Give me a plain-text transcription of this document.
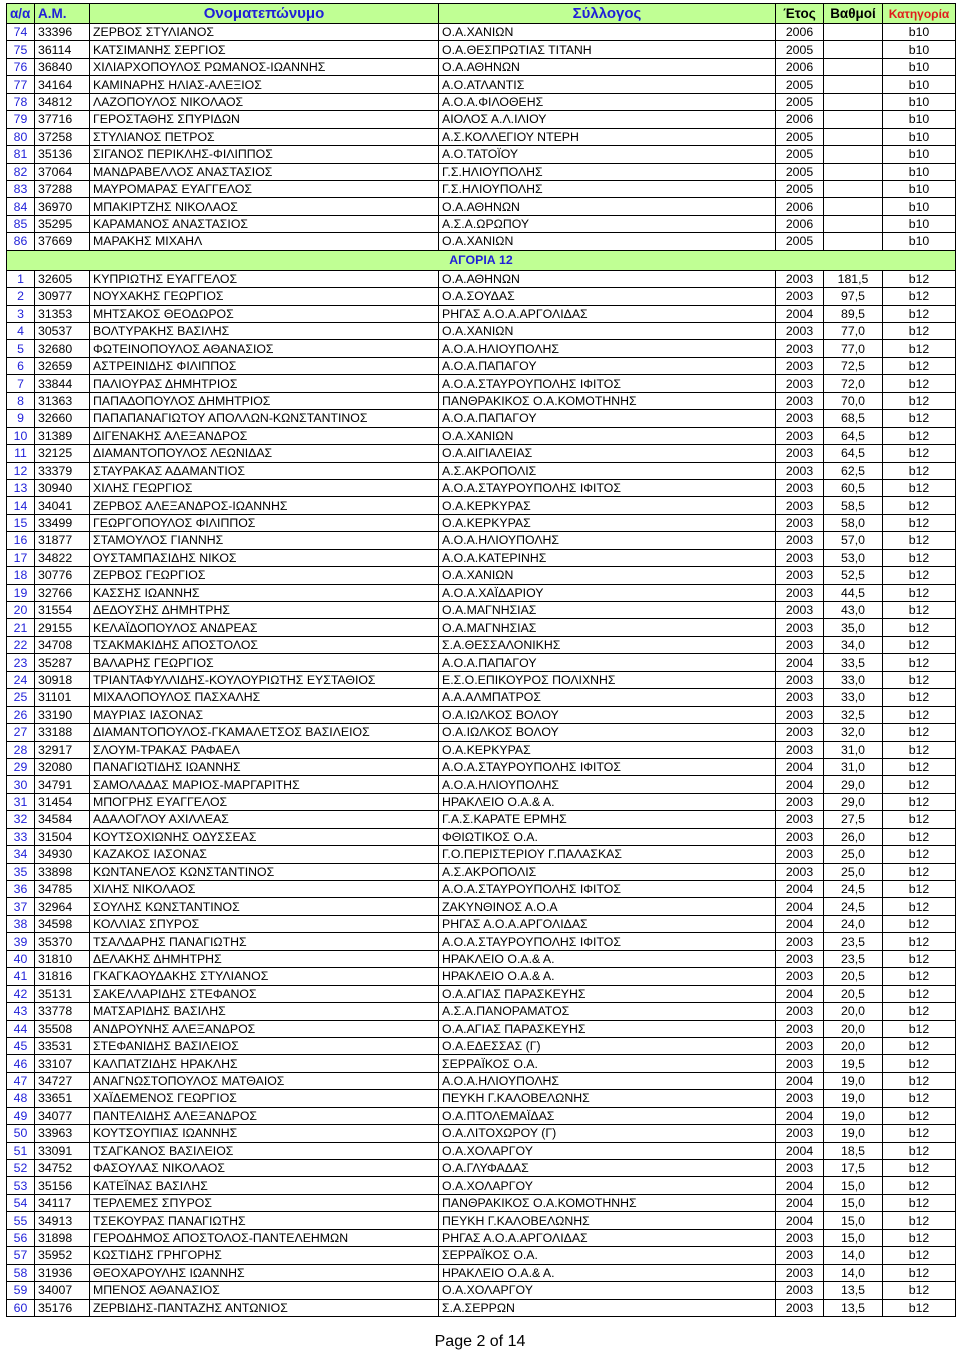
α/α	Α.Μ.	Ονοματεπώνυμο	Σύλλογος	Έτος	Βαθμοί	Κατηγορία
74	33396	ΖΕΡΒΟΣ ΣΤΥΛΙΑΝΟΣ	Ο.Α.ΧΑΝΙΩΝ	2006		b10
75	36114	ΚΑΤΣΙΜΑΝΗΣ ΣΕΡΓΙΟΣ	Ο.Α.ΘΕΣΠΡΩΤΙΑΣ ΤΙΤΑΝΗ	2005		b10
76	36840	ΧΙΛΙΑΡΧΟΠΟΥΛΟΣ ΡΩΜΑΝΟΣ-ΙΩΑΝΝΗΣ	Ο.Α.ΑΘΗΝΩΝ	2006		b10
77	34164	ΚΑΜΙΝΑΡΗΣ ΗΛΙΑΣ-ΑΛΕΞΙΟΣ	Α.Ο.ΑΤΛΑΝΤΙΣ	2005		b10
78	34812	ΛΑΖΟΠΟΥΛΟΣ ΝΙΚΟΛΑΟΣ	Α.Ο.Α.ΦΙΛΟΘΕΗΣ	2005		b10
79	37716	ΓΕΡΟΣΤΑΘΗΣ ΣΠΥΡΙΔΩΝ	ΑΙΟΛΟΣ Α.Λ.ΙΛΙΟΥ	2006		b10
80	37258	ΣΤΥΛΙΑΝΟΣ ΠΕΤΡΟΣ	Α.Σ.ΚΟΛΛΕΓΙΟΥ ΝΤΕΡΗ	2005		b10
81	35136	ΣΙΓΑΝΟΣ ΠΕΡΙΚΛΗΣ-ΦΙΛΙΠΠΟΣ	Α.Ο.ΤΑΤΟΪΟΥ	2005		b10
82	37064	ΜΑΝΔΡΑΒΕΛΛΟΣ ΑΝΑΣΤΑΣΙΟΣ	Γ.Σ.ΗΛΙΟΥΠΟΛΗΣ	2005		b10
83	37288	ΜΑΥΡΟΜΑΡΑΣ ΕΥΑΓΓΕΛΟΣ	Γ.Σ.ΗΛΙΟΥΠΟΛΗΣ	2005		b10
84	36970	ΜΠΑΚΙΡΤΖΗΣ ΝΙΚΟΛΑΟΣ	Ο.Α.ΑΘΗΝΩΝ	2006		b10
85	35295	ΚΑΡΑΜΑΝΟΣ ΑΝΑΣΤΑΣΙΟΣ	Α.Σ.Α.ΩΡΩΠΟΥ	2006		b10
86	37669	ΜΑΡΑΚΗΣ ΜΙΧΑΗΛ	Ο.Α.ΧΑΝΙΩΝ	2005		b10
ΑΓΟΡΙΑ 12						
1	32605	ΚΥΠΡΙΩΤΗΣ ΕΥΑΓΓΕΛΟΣ	Ο.Α.ΑΘΗΝΩΝ	2003	181,5	b12
2	30977	ΝΟΥΧΑΚΗΣ ΓΕΩΡΓΙΟΣ	Ο.Α.ΣΟΥΔΑΣ	2003	97,5	b12
3	31353	ΜΗΤΣΑΚΟΣ ΘΕΟΔΩΡΟΣ	ΡΗΓΑΣ Α.Ο.Α.ΑΡΓΟΛΙΔΑΣ	2004	89,5	b12
4	30537	ΒΟΛΤΥΡΑΚΗΣ ΒΑΣΙΛΗΣ	Ο.Α.ΧΑΝΙΩΝ	2003	77,0	b12
5	32680	ΦΩΤΕΙΝΟΠΟΥΛΟΣ ΑΘΑΝΑΣΙΟΣ	Α.Ο.Α.ΗΛΙΟΥΠΟΛΗΣ	2003	77,0	b12
6	32659	ΑΣΤΡΕΙΝΙΔΗΣ ΦΙΛΙΠΠΟΣ	Α.Ο.Α.ΠΑΠΑΓΟΥ	2003	72,5	b12
7	33844	ΠΑΛΙΟΥΡΑΣ ΔΗΜΗΤΡΙΟΣ	Α.Ο.Α.ΣΤΑΥΡΟΥΠΟΛΗΣ ΙΦΙΤΟΣ	2003	72,0	b12
8	31363	ΠΑΠΑΔΟΠΟΥΛΟΣ ΔΗΜΗΤΡΙΟΣ	ΠΑΝΘΡΑΚΙΚΟΣ Ο.Α.ΚΟΜΟΤΗΝΗΣ	2003	70,0	b12
9	32660	ΠΑΠΑΠΑΝΑΓΙΩΤΟΥ ΑΠΟΛΛΩΝ-ΚΩΝΣΤΑΝΤΙΝΟΣ	Α.Ο.Α.ΠΑΠΑΓΟΥ	2003	68,5	b12
10	31389	ΔΙΓΕΝΑΚΗΣ ΑΛΕΞΑΝΔΡΟΣ	Ο.Α.ΧΑΝΙΩΝ	2003	64,5	b12
11	32125	ΔΙΑΜΑΝΤΟΠΟΥΛΟΣ ΛΕΩΝΙΔΑΣ	Ο.Α.ΑΙΓΙΑΛΕΙΑΣ	2003	64,5	b12
12	33379	ΣΤΑΥΡΑΚΑΣ ΑΔΑΜΑΝΤΙΟΣ	Α.Σ.ΑΚΡΟΠΟΛΙΣ	2003	62,5	b12
13	30940	ΧΙΛΗΣ ΓΕΩΡΓΙΟΣ	Α.Ο.Α.ΣΤΑΥΡΟΥΠΟΛΗΣ ΙΦΙΤΟΣ	2003	60,5	b12
14	34041	ΖΕΡΒΟΣ ΑΛΕΞΑΝΔΡΟΣ-ΙΩΑΝΝΗΣ	Ο.Α.ΚΕΡΚΥΡΑΣ	2003	58,5	b12
15	33499	ΓΕΩΡΓΟΠΟΥΛΟΣ ΦΙΛΙΠΠΟΣ	Ο.Α.ΚΕΡΚΥΡΑΣ	2003	58,0	b12
16	31877	ΣΤΑΜΟΥΛΟΣ ΓΙΑΝΝΗΣ	Α.Ο.Α.ΗΛΙΟΥΠΟΛΗΣ	2003	57,0	b12
17	34822	ΟΥΣΤΑΜΠΑΣΙΔΗΣ ΝΙΚΟΣ	Α.Ο.Α.ΚΑΤΕΡΙΝΗΣ	2003	53,0	b12
18	30776	ΖΕΡΒΟΣ ΓΕΩΡΓΙΟΣ	Ο.Α.ΧΑΝΙΩΝ	2003	52,5	b12
19	32766	ΚΑΣΣΗΣ ΙΩΑΝΝΗΣ	Α.Ο.Α.ΧΑΪΔΑΡΙΟΥ	2003	44,5	b12
20	31554	ΔΕΔΟΥΣΗΣ ΔΗΜΗΤΡΗΣ	Ο.Α.ΜΑΓΝΗΣΙΑΣ	2003	43,0	b12
21	29155	ΚΕΛΑΪΔΟΠΟΥΛΟΣ ΑΝΔΡΕΑΣ	Ο.Α.ΜΑΓΝΗΣΙΑΣ	2003	35,0	b12
22	34708	ΤΣΑΚΜΑΚΙΔΗΣ ΑΠΟΣΤΟΛΟΣ	Σ.Α.ΘΕΣΣΑΛΟΝΙΚΗΣ	2003	34,0	b12
23	35287	ΒΑΛΑΡΗΣ ΓΕΩΡΓΙΟΣ	Α.Ο.Α.ΠΑΠΑΓΟΥ	2004	33,5	b12
24	30918	ΤΡΙΑΝΤΑΦΥΛΛΙΔΗΣ-ΚΟΥΛΟΥΡΙΩΤΗΣ ΕΥΣΤΑΘΙΟΣ	Ε.Σ.Ο.ΕΠΙΚΟΥΡΟΣ ΠΟΛΙΧΝΗΣ	2003	33,0	b12
25	31101	ΜΙΧΑΛΟΠΟΥΛΟΣ ΠΑΣΧΑΛΗΣ	Α.Α.ΑΛΜΠΑΤΡΟΣ	2003	33,0	b12
26	33190	ΜΑΥΡΙΑΣ ΙΑΣΟΝΑΣ	Ο.Α.ΙΩΛΚΟΣ ΒΟΛΟΥ	2003	32,5	b12
27	33188	ΔΙΑΜΑΝΤΟΠΟΥΛΟΣ-ΓΚΑΜΑΛΕΤΣΟΣ ΒΑΣΙΛΕΙΟΣ	Ο.Α.ΙΩΛΚΟΣ ΒΟΛΟΥ	2003	32,0	b12
28	32917	ΣΛΟΥΜ-ΤΡΑΚΑΣ ΡΑΦΑΕΛ	Ο.Α.ΚΕΡΚΥΡΑΣ	2003	31,0	b12
29	32080	ΠΑΝΑΓΙΩΤΙΔΗΣ ΙΩΑΝΝΗΣ	Α.Ο.Α.ΣΤΑΥΡΟΥΠΟΛΗΣ ΙΦΙΤΟΣ	2004	31,0	b12
30	34791	ΣΑΜΟΛΑΔΑΣ ΜΑΡΙΟΣ-ΜΑΡΓΑΡΙΤΗΣ	Α.Ο.Α.ΗΛΙΟΥΠΟΛΗΣ	2004	29,0	b12
31	31454	ΜΠΟΓΡΗΣ ΕΥΑΓΓΕΛΟΣ	ΗΡΑΚΛΕΙΟ Ο.Α.& Α.	2003	29,0	b12
32	34584	ΑΔΑΛΟΓΛΟΥ ΑΧΙΛΛΕΑΣ	Γ.Α.Σ.ΚΑΡΑΤΕ ΕΡΜΗΣ	2003	27,5	b12
33	31504	ΚΟΥΤΣΟΧΙΩΝΗΣ ΟΔΥΣΣΕΑΣ	ΦΘΙΩΤΙΚΟΣ Ο.Α.	2003	26,0	b12
34	34930	ΚΑΖΑΚΟΣ ΙΑΣΟΝΑΣ	Γ.Ο.ΠΕΡΙΣΤΕΡΙΟΥ Γ.ΠΑΛΑΣΚΑΣ	2003	25,0	b12
35	33898	ΚΩΝΤΑΝΕΛΟΣ ΚΩΝΣΤΑΝΤΙΝΟΣ	Α.Σ.ΑΚΡΟΠΟΛΙΣ	2003	25,0	b12
36	34785	ΧΙΛΗΣ ΝΙΚΟΛΑΟΣ	Α.Ο.Α.ΣΤΑΥΡΟΥΠΟΛΗΣ ΙΦΙΤΟΣ	2004	24,5	b12
37	32964	ΣΟΥΛΗΣ ΚΩΝΣΤΑΝΤΙΝΟΣ	ΖΑΚΥΝΘΙΝΟΣ Α.Ο.Α	2004	24,5	b12
38	34598	ΚΟΛΛΙΑΣ ΣΠΥΡΟΣ	ΡΗΓΑΣ Α.Ο.Α.ΑΡΓΟΛΙΔΑΣ	2004	24,0	b12
39	35370	ΤΣΑΛΔΑΡΗΣ ΠΑΝΑΓΙΩΤΗΣ	Α.Ο.Α.ΣΤΑΥΡΟΥΠΟΛΗΣ ΙΦΙΤΟΣ	2003	23,5	b12
40	31810	ΔΕΛΑΚΗΣ ΔΗΜΗΤΡΗΣ	ΗΡΑΚΛΕΙΟ Ο.Α.& Α.	2003	23,5	b12
41	31816	ΓΚΑΓΚΑΟΥΔΑΚΗΣ ΣΤΥΛΙΑΝΟΣ	ΗΡΑΚΛΕΙΟ Ο.Α.& Α.	2003	20,5	b12
42	35131	ΣΑΚΕΛΛΑΡΙΔΗΣ ΣΤΕΦΑΝΟΣ	Ο.Α.ΑΓΙΑΣ ΠΑΡΑΣΚΕΥΗΣ	2004	20,5	b12
43	33778	ΜΑΤΣΑΡΙΔΗΣ ΒΑΣΙΛΗΣ	Α.Σ.Α.ΠΑΝΟΡΑΜΑΤΟΣ	2003	20,0	b12
44	35508	ΑΝΔΡΟΥΝΗΣ ΑΛΕΞΑΝΔΡΟΣ	Ο.Α.ΑΓΙΑΣ ΠΑΡΑΣΚΕΥΗΣ	2003	20,0	b12
45	33531	ΣΤΕΦΑΝΙΔΗΣ ΒΑΣΙΛΕΙΟΣ	Ο.Α.ΕΔΕΣΣΑΣ (Γ)	2003	20,0	b12
46	33107	ΚΑΛΠΑΤΖΙΔΗΣ ΗΡΑΚΛΗΣ	ΣΕΡΡΑΪΚΟΣ Ο.Α.	2003	19,5	b12
47	34727	ΑΝΑΓΝΩΣΤΟΠΟΥΛΟΣ ΜΑΤΘΑΙΟΣ	Α.Ο.Α.ΗΛΙΟΥΠΟΛΗΣ	2004	19,0	b12
48	33651	ΧΑΪΔΕΜΕΝΟΣ ΓΕΩΡΓΙΟΣ	ΠΕΥΚΗ Γ.ΚΑΛΟΒΕΛΩΝΗΣ	2003	19,0	b12
49	34077	ΠΑΝΤΕΛΙΔΗΣ ΑΛΕΞΑΝΔΡΟΣ	Ο.Α.ΠΤΟΛΕΜΑΪΔΑΣ	2004	19,0	b12
50	33963	ΚΟΥΤΣΟΥΠΙΑΣ ΙΩΑΝΝΗΣ	Ο.Α.ΛΙΤΟΧΩΡΟΥ (Γ)	2003	19,0	b12
51	33091	ΤΣΑΓΚΑΝΟΣ ΒΑΣΙΛΕΙΟΣ	Ο.Α.ΧΟΛΑΡΓΟΥ	2004	18,5	b12
52	34752	ΦΑΣΟΥΛΑΣ ΝΙΚΟΛΑΟΣ	Ο.Α.ΓΛΥΦΑΔΑΣ	2003	17,5	b12
53	35156	ΚΑΤΕΪΝΑΣ ΒΑΣΙΛΗΣ	Ο.Α.ΧΟΛΑΡΓΟΥ	2004	15,0	b12
54	34117	ΤΕΡΛΕΜΕΣ ΣΠΥΡΟΣ	ΠΑΝΘΡΑΚΙΚΟΣ Ο.Α.ΚΟΜΟΤΗΝΗΣ	2004	15,0	b12
55	34913	ΤΣΕΚΟΥΡΑΣ ΠΑΝΑΓΙΩΤΗΣ	ΠΕΥΚΗ Γ.ΚΑΛΟΒΕΛΩΝΗΣ	2004	15,0	b12
56	31898	ΓΕΡΟΔΗΜΟΣ ΑΠΟΣΤΟΛΟΣ-ΠΑΝΤΕΛΕΗΜΩΝ	ΡΗΓΑΣ Α.Ο.Α.ΑΡΓΟΛΙΔΑΣ	2003	15,0	b12
57	35952	ΚΩΣΤΙΔΗΣ ΓΡΗΓΟΡΗΣ	ΣΕΡΡΑΪΚΟΣ Ο.Α.	2003	14,0	b12
58	31936	ΘΕΟΧΑΡΟΥΛΗΣ ΙΩΑΝΝΗΣ	ΗΡΑΚΛΕΙΟ Ο.Α.& Α.	2003	14,0	b12
59	34007	ΜΠΕΝΟΣ ΑΘΑΝΑΣΙΟΣ	Ο.Α.ΧΟΛΑΡΓΟΥ	2003	13,5	b12
60	35176	ΖΕΡΒΙΔΗΣ-ΠΑΝΤΑΖΗΣ ΑΝΤΩΝΙΟΣ	Σ.Α.ΣΕΡΡΩΝ	2003	13,5	b12
Page 2 of 14
